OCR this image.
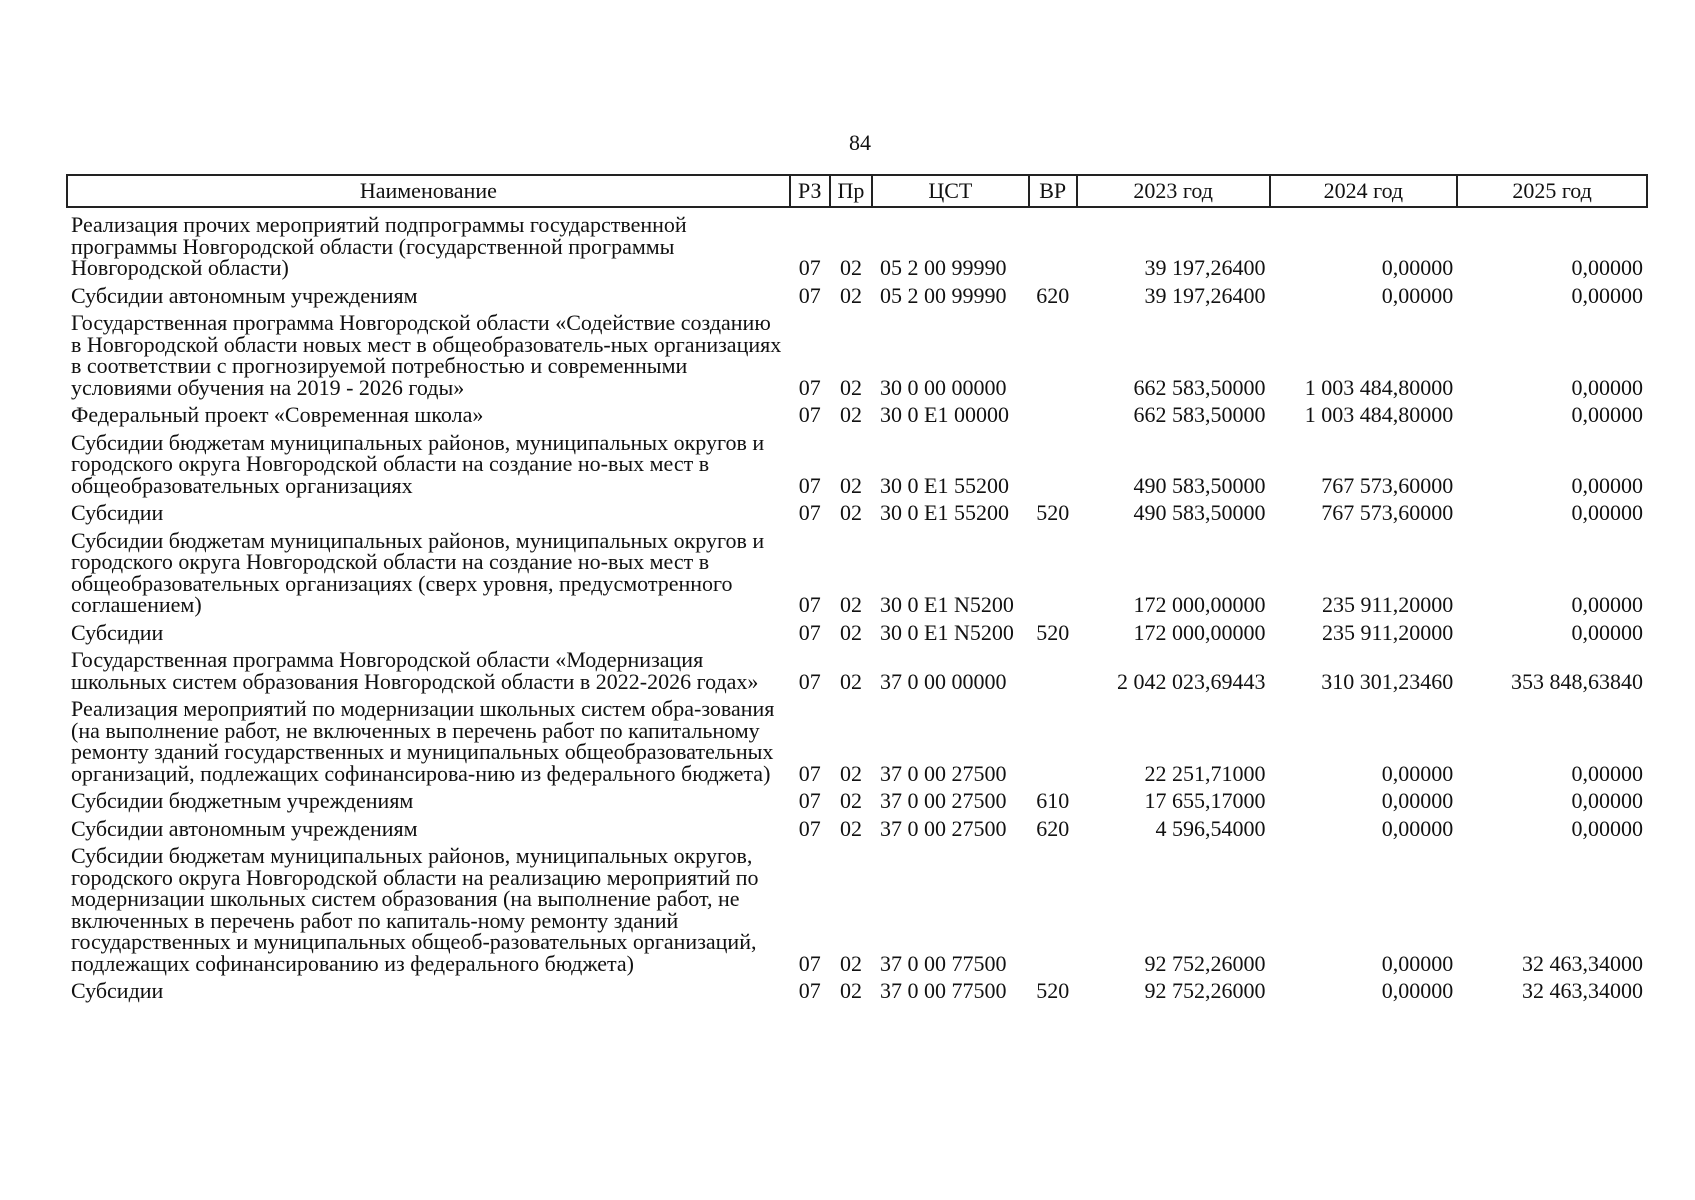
84
Наименование	РЗ	Пр	ЦСТ	ВР	2023 год	2024 год	2025 год
Реализация прочих мероприятий подпрограммы государственной программы Новгородской области (государственной программы Новгородской области)	07	02	05 2 00 99990		39 197,26400	0,00000	0,00000
Субсидии автономным учреждениям	07	02	05 2 00 99990	620	39 197,26400	0,00000	0,00000
Государственная программа Новгородской области «Содействие созданию в Новгородской области новых мест в общеобразователь-ных организациях в соответствии с прогнозируемой потребностью и современными условиями обучения на 2019 - 2026 годы»	07	02	30 0 00 00000		662 583,50000	1 003 484,80000	0,00000
Федеральный проект «Современная школа»	07	02	30 0 E1 00000		662 583,50000	1 003 484,80000	0,00000
Субсидии бюджетам муниципальных районов, муниципальных округов и городского округа Новгородской области на создание но-вых мест в общеобразовательных организациях	07	02	30 0 E1 55200		490 583,50000	767 573,60000	0,00000
Субсидии	07	02	30 0 E1 55200	520	490 583,50000	767 573,60000	0,00000
Субсидии бюджетам муниципальных районов, муниципальных округов и городского округа Новгородской области на создание но-вых мест в общеобразовательных организациях (сверх уровня, предусмотренного соглашением)	07	02	30 0 E1 N5200		172 000,00000	235 911,20000	0,00000
Субсидии	07	02	30 0 E1 N5200	520	172 000,00000	235 911,20000	0,00000
Государственная программа Новгородской области «Модернизация школьных систем образования Новгородской области в 2022-2026 годах»	07	02	37 0 00 00000		2 042 023,69443	310 301,23460	353 848,63840
Реализация мероприятий по модернизации школьных систем обра-зования (на выполнение работ, не включенных в перечень работ по капитальному ремонту зданий государственных и муниципальных общеобразовательных организаций, подлежащих софинансирова-нию из федерального бюджета)	07	02	37 0 00 27500		22 251,71000	0,00000	0,00000
Субсидии бюджетным учреждениям	07	02	37 0 00 27500	610	17 655,17000	0,00000	0,00000
Субсидии автономным учреждениям	07	02	37 0 00 27500	620	4 596,54000	0,00000	0,00000
Субсидии бюджетам муниципальных районов, муниципальных округов, городского округа Новгородской области на реализацию мероприятий по модернизации школьных систем образования (на выполнение работ, не включенных в перечень работ по капиталь-ному ремонту зданий государственных и муниципальных общеоб-разовательных организаций, подлежащих софинансированию из федерального бюджета)	07	02	37 0 00 77500		92 752,26000	0,00000	32 463,34000
Субсидии	07	02	37 0 00 77500	520	92 752,26000	0,00000	32 463,34000
